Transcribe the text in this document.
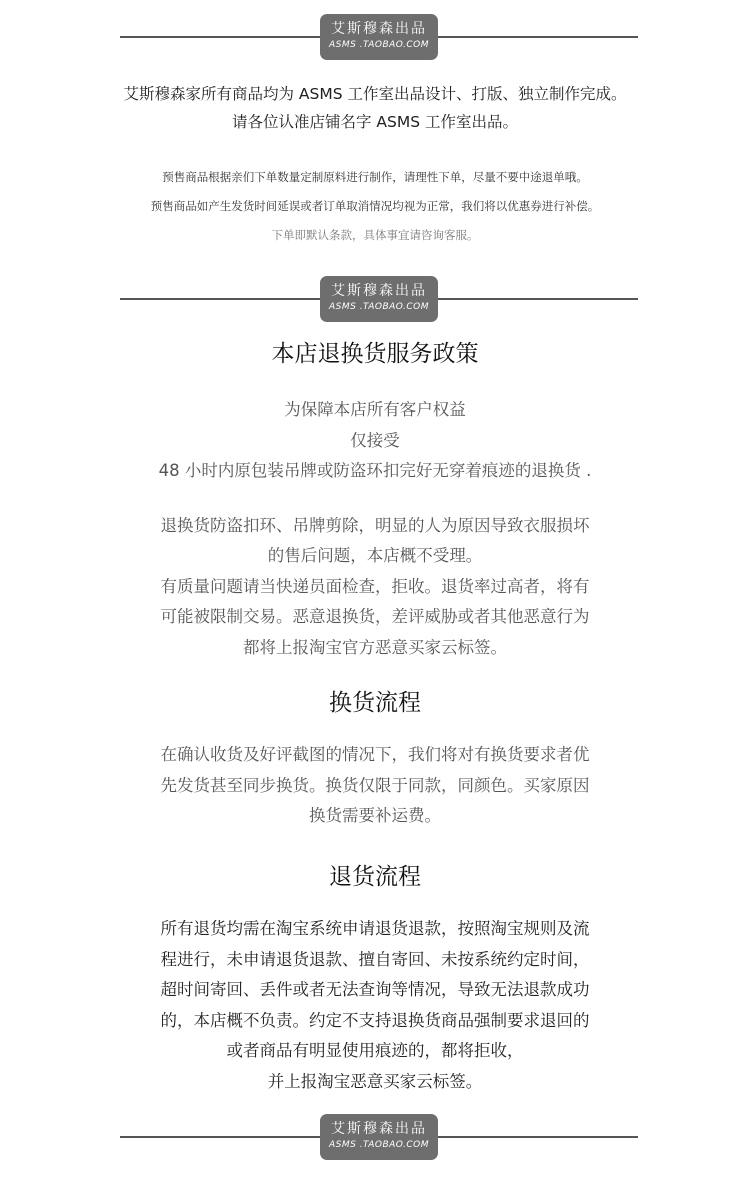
艾斯穆森出品
ASMS .TAOBAO.COM
艾斯穆森家所有商品均为 ASMS 工作室出品设计、打版、独立制作完成。
请各位认准店铺名字 ASMS 工作室出品。
预售商品根据亲们下单数量定制原料进行制作，请理性下单，尽量不要中途退单哦。
预售商品如产生发货时间延误或者订单取消情况均视为正常，我们将以优惠券进行补偿。
下单即默认条款，具体事宜请咨询客服。
艾斯穆森出品
ASMS .TAOBAO.COM
本店退换货服务政策

为保障本店所有客户权益

仅接受

48 小时内原包装吊牌或防盗环扣完好无穿着痕迹的退换货 .

退换货防盗扣环、吊牌剪除，明显的人为原因导致衣服损坏

的售后问题，本店概不受理。

有质量问题请当快递员面检查，拒收。退货率过高者，将有

可能被限制交易。恶意退换货，差评威胁或者其他恶意行为

都将上报淘宝官方恶意买家云标签。

换货流程

在确认收货及好评截图的情况下，我们将对有换货要求者优

先发货甚至同步换货。换货仅限于同款，同颜色。买家原因

换货需要补运费。

退货流程

所有退货均需在淘宝系统申请退货退款，按照淘宝规则及流

程进行，未申请退货退款、擅自寄回、未按系统约定时间，

超时间寄回、丢件或者无法查询等情况，导致无法退款成功

的，本店概不负责。约定不支持退换货商品强制要求退回的

或者商品有明显使用痕迹的，都将拒收，

并上报淘宝恶意买家云标签。

艾斯穆森出品
ASMS .TAOBAO.COM
